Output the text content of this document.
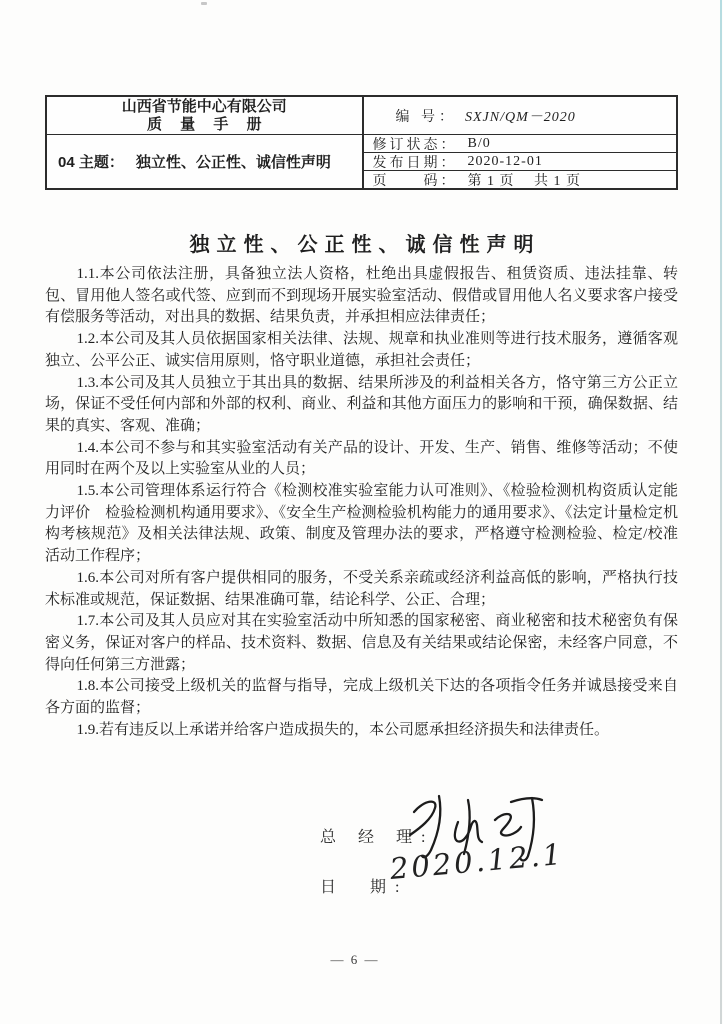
山西省节能中心有限公司
质 量 手 册	编 号： SXJN/QM－2020
04 主题： 独立性、公正性、诚信性声明
修订状态： B/0
发布日期： 2020-12-01
页　　码： 第 1 页　 共 1 页
独立性、公正性、诚信性声明

1.1.本公司依法注册，具备独立法人资格，杜绝出具虚假报告、租赁资质、违法挂靠、转包、冒用他人签名或代签、应到而不到现场开展实验室活动、假借或冒用他人名义要求客户接受有偿服务等活动，对出具的数据、结果负责，并承担相应法律责任；

1.2.本公司及其人员依据国家相关法律、法规、规章和执业准则等进行技术服务，遵循客观独立、公平公正、诚实信用原则，恪守职业道德，承担社会责任；

1.3.本公司及其人员独立于其出具的数据、结果所涉及的利益相关各方，恪守第三方公正立场，保证不受任何内部和外部的权利、商业、利益和其他方面压力的影响和干预，确保数据、结果的真实、客观、准确；

1.4.本公司不参与和其实验室活动有关产品的设计、开发、生产、销售、维修等活动；不使用同时在两个及以上实验室从业的人员；

1.5.本公司管理体系运行符合《检测校准实验室能力认可准则》、《检验检测机构资质认定能力评价　检验检测机构通用要求》、《安全生产检测检验机构能力的通用要求》、《法定计量检定机构考核规范》及相关法律法规、政策、制度及管理办法的要求，严格遵守检测检验、检定/校准活动工作程序；

1.6.本公司对所有客户提供相同的服务，不受关系亲疏或经济利益高低的影响，严格执行技术标准或规范，保证数据、结果准确可靠，结论科学、公正、合理；

1.7.本公司及其人员应对其在实验室活动中所知悉的国家秘密、商业秘密和技术秘密负有保密义务，保证对客户的样品、技术资料、数据、信息及有关结果或结论保密，未经客户同意，不得向任何第三方泄露；

1.8.本公司接受上级机关的监督与指导，完成上级机关下达的各项指令任务并诚恳接受来自各方面的监督；

1.9.若有违反以上承诺并给客户造成损失的，本公司愿承担经济损失和法律责任。

总 经 理:
日　期:
2020.12.1
— 6 —
